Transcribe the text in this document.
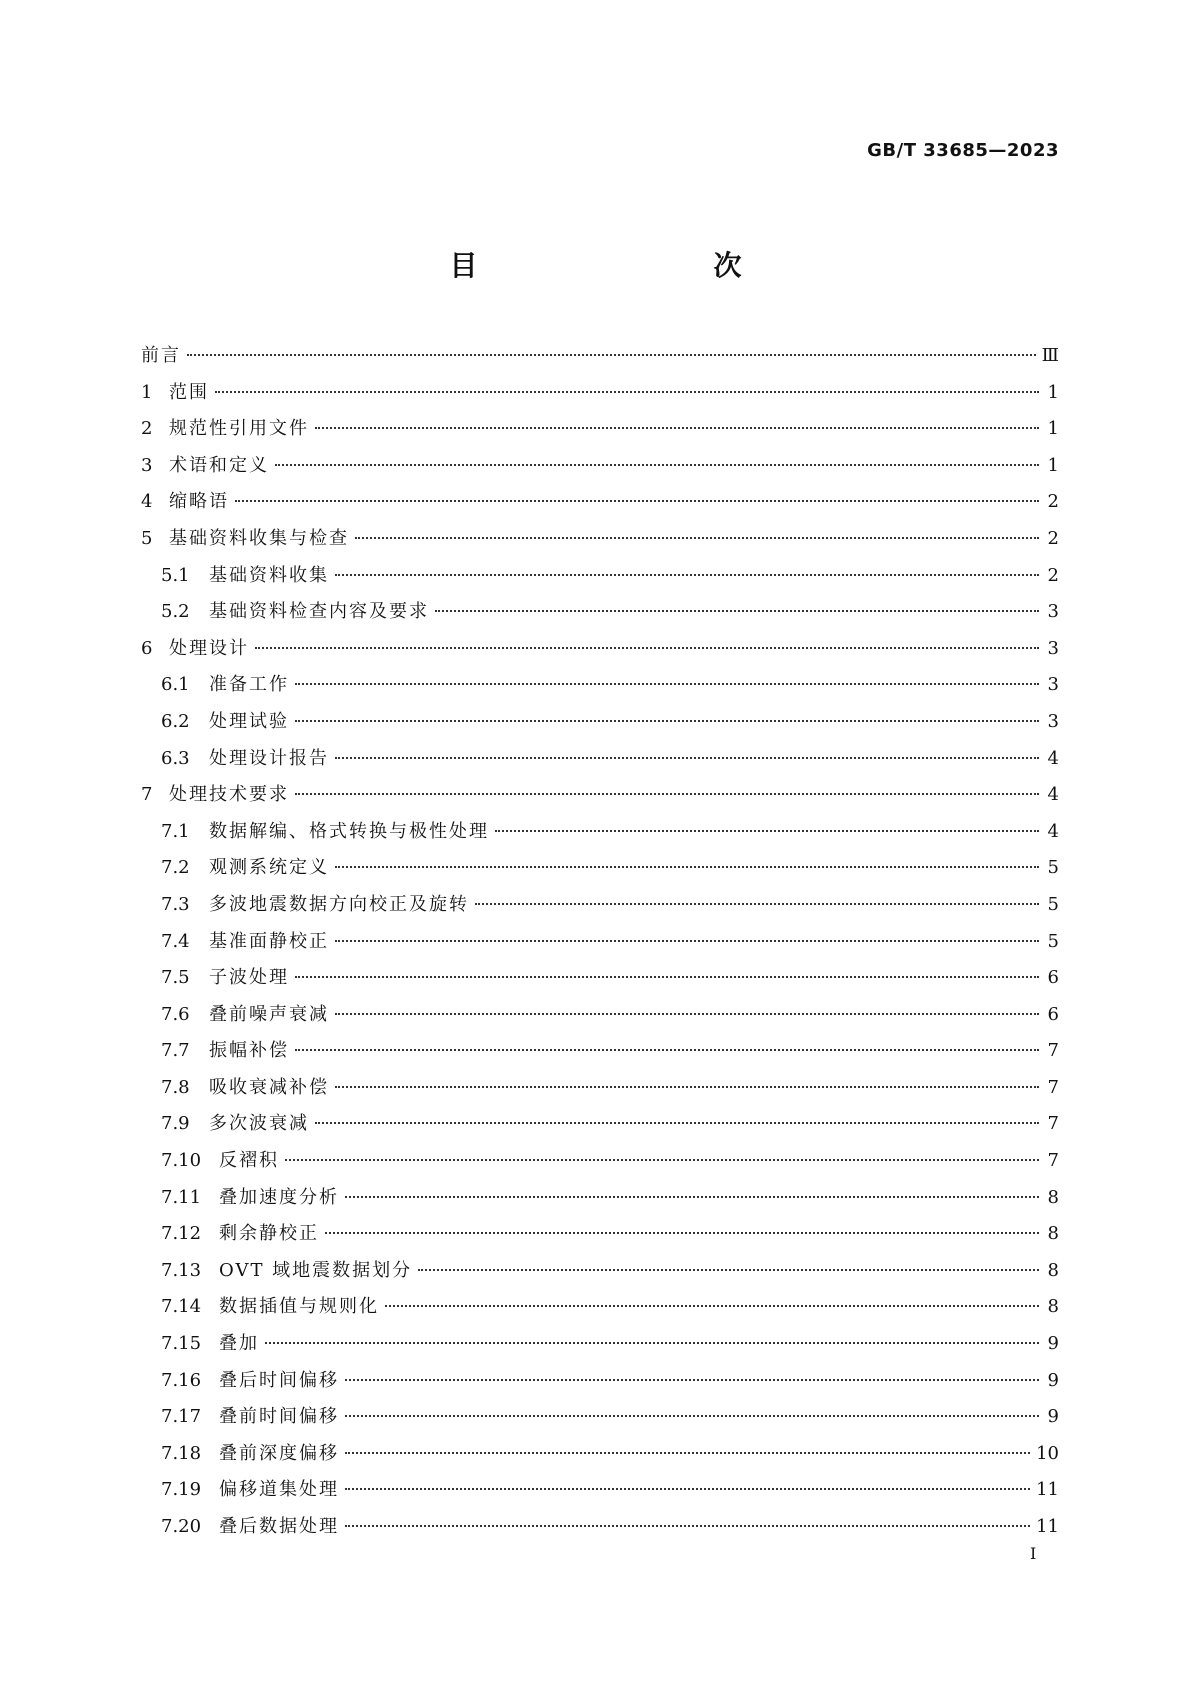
GB/T 33685—2023

目　　次
前言	Ⅲ
1 范围	1
2 规范性引用文件	1
3 术语和定义	1
4 缩略语	2
5 基础资料收集与检查	2
5.1	基础资料收集	2
5.2	基础资料检查内容及要求	3
6 处理设计	3
6.1	准备工作	3
6.2	处理试验	3
6.3	处理设计报告	4
7 处理技术要求	4
7.1	数据解编、格式转换与极性处理	4
7.2	观测系统定义	5
7.3	多波地震数据方向校正及旋转	5
7.4	基准面静校正	5
7.5	子波处理	6
7.6	叠前噪声衰减	6
7.7	振幅补偿	7
7.8	吸收衰减补偿	7
7.9	多次波衰减	7
7.10 反褶积	7
7.11 叠加速度分析	8
7.12 剩余静校正	8
7.13 OVT 域地震数据划分	8
7.14 数据插值与规则化	8
7.15 叠加	9
7.16 叠后时间偏移	9
7.17 叠前时间偏移	9
7.18 叠前深度偏移	10
7.19 偏移道集处理	11
7.20 叠后数据处理	11

Ⅰ
